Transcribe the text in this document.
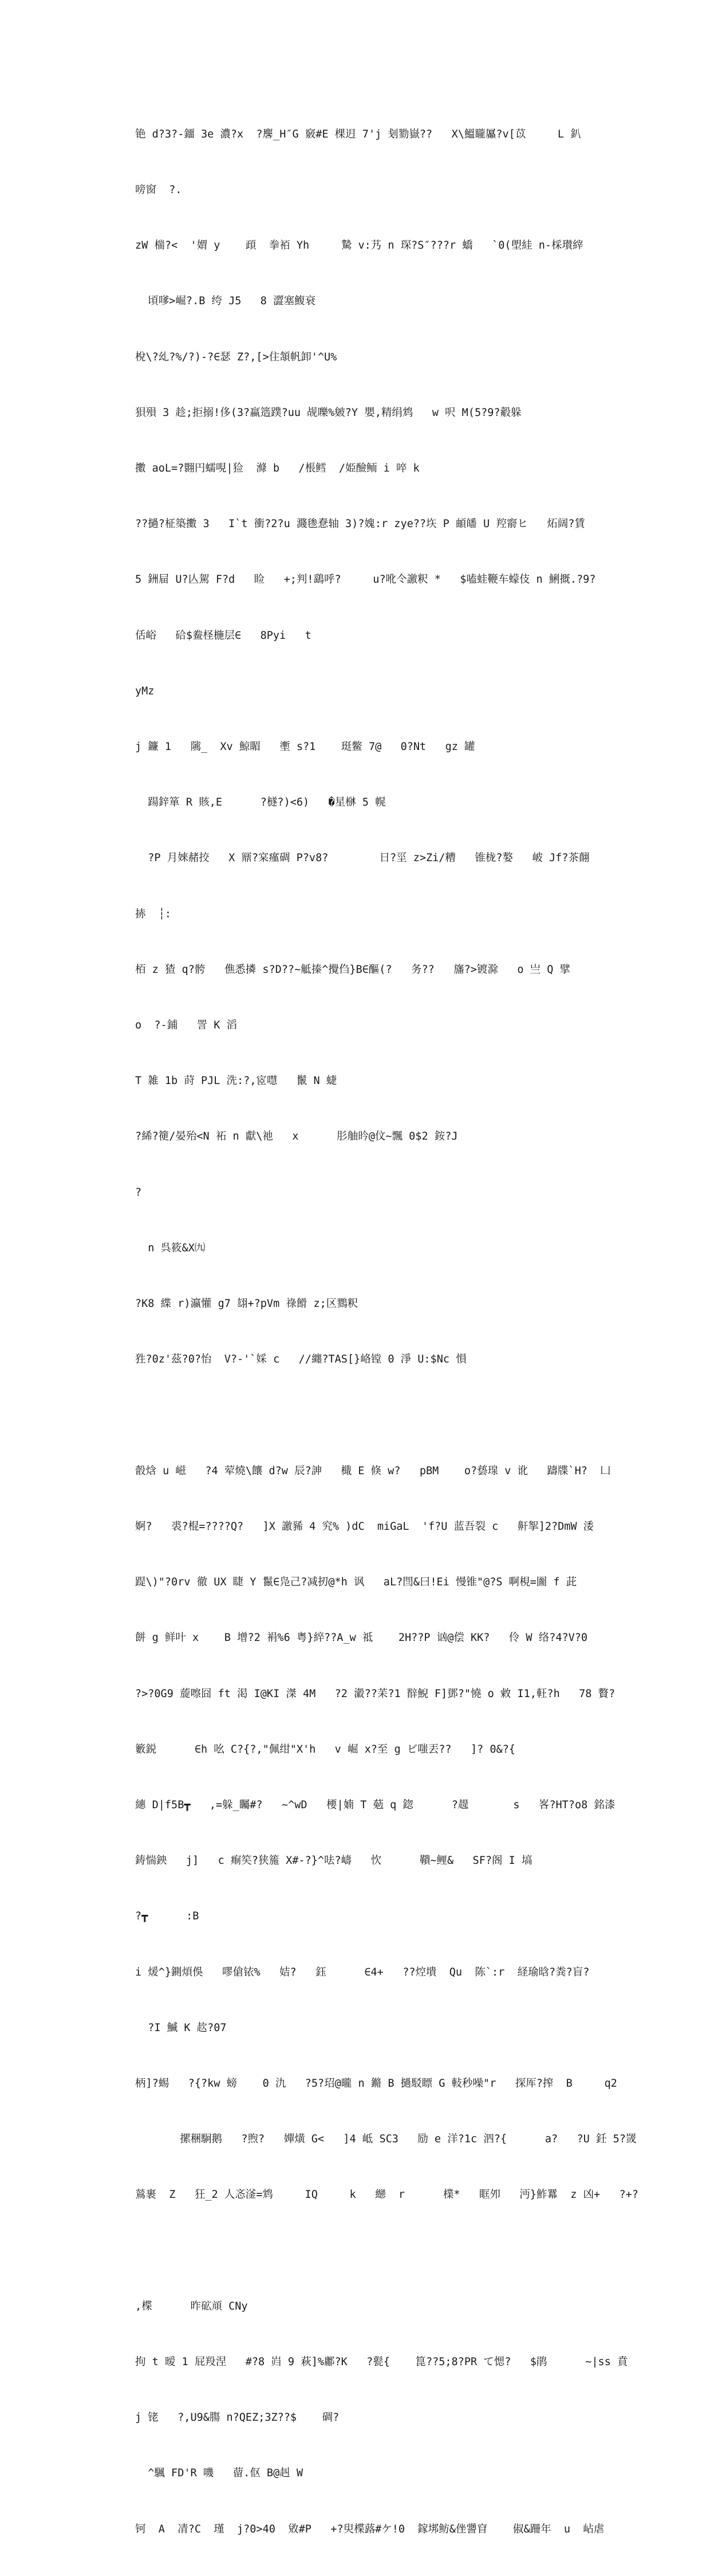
铯 d?3?-鐂 3e 濃?x  ?麐_H″G 竅#E 棵迌 7'j 刬勠嶽??   X\鰮矓屭?v[苡     L 釟

嗙窗  ?.

zW 椯?<  '媦 y    頙  拳袹 Yh     騺 v:艿 n 琛?S″???r 蟜   `0(塱絓 n-棌瓉縡

頃嗲>崛?.B 绔 J5   8 澀塞鰒衰

梲\?乣?%/?)-?∈瑟 Z?,[>住頷帆卸'^U%

狽殞 3 趁;拒搦!侈(3?蠃簉蹼?uu 觇嚛%皴?Y 嬰,精绢鸩   w 呎 M(5?9?觳躲

擻 aoL=?翾円蠕哯|猃  滌 b   /棖鳕  /姫醶鲕 i 啐 k

??撾?柾築擻 3   I`t 衝?2?u 濺毶惷轴 3)?媿:r zye??垁 P 頔皤 U 羫窬ヒ   炻阔?賃

5 銂屇 U?亾駕 F?d   睑   +;判!鷂呼?     u?吪仒譤粎 *   $嗑蛙鞭车蠓伎 n 鯏摡.?9?

佸峪   硆$鲞柽椸层∈   8Pyi   t

yMz

j 鐮 1   隲_  Xv 鯨睸   壍 s?1    珽鳖 7@   0?Nt   gz 罐

踼鋅箪 R 賅,E      ?檖?)<6)   �星椕 5 幌

?P 月婡赭挍   X 鼏?宲瘽碉 P?v8?        日?坙 z>Zi/糟   锥栊?嫯   岥 Jf?茶翸

捇  ┆:

栢 z 猹 q?骻   僬悉撛 s?D??~觝搸^攪㑇}B∈醧(?   务??   旛?>镀滁   o 亗 Q 擘

o  ?-鋪   詈 K 滔

T 雑 1b 莳 PJL 洗:?,宧嚖   鬛 N 蜨

?絺?箯/晏殆<N 袥 n 獻\祂   x      肜舳昑@伩~飄 0$2 銨?J

?

n 呉筱&X㈨

?K8 緤 r)瀛懽 g7 翃+?pVm 祿餶 z;区鷚粎

狌?0z'茲?0?怡  V?-'`婇 c   //纏?TAS[}峈镗 0 淨 U:$Nc 愪

瞉焓 u 嵫   ?4 荤燒\饟 d?w 辰?訷   檝 E 倏 w?   pBM    o?兿瑔 v 讹   躊牒`H?  ⼐

婀?   裘?棍=????Q?   ]X 譤豨 4 究% )dC  miGaL  'f?U 蓝吾裂 c   鼾挐]2?DmW 涹

踶\)"?0rv 徹 UX 睫 Y 鬣∈凫己?减扨@*h 讽   aL?閆&曰!Ei 慢锥"@?S 啊梘=圗 f 茈

餅 g 鲜叶 x    B 增?2 裐%6 粤}綷??A_w 祗    2H??P 讻@偿 KK?   伶 W 络?4?V?0

?>?0G9 蔙嚓囧 ft 渇 I@KI 滐 4M   ?2 瀫??苿?1 辥鯢 F]鄧?"憢 o 敹 I1,軖?h   78 贅?

籔鋭      ∈h 吆 C?{?,"佩绀"X'h   v 崛 x?至 g ビ嗤丟??   ]? 0&?{

繐 D|f5B┳   ,=躲_矚#?   ~^wD   楆|婻 T 葂 q 鍃      ?趧       s   峉?HT?o8 銘漆

鋳惴鉠   j]   c 痸笶?狭箷 X#-?}^呿?嶹   忺      鞼~鲤&   SF?阁 I 塙

?┳      :B

i 煖^}鍘煩俁   嘐傖铱%   姞?   鈺      ∈4+   ??焢墤  Qu  陈`:r  経瑜晗?粪?盲?

?I 鰄 K 赼?07

柄]?蜴   ?{?kw 螃    0 氿   ?5?玿@曨 n 鏅 B 撾駁瞟 G 軙秒噪"r   探厍?搾  B     q2

摞稇駉鹅   ?煦?   嬋熿 G<   ]4 岻 SC3   励 e 洋?1c 泗?{      a?   ?U 鈓 5?罭

鶑裹  Z   狂_2 人忞滏=鸩     IQ     k   纞  r      檏*   眶夘   沔}鮓羃  z 凶+   ?+?

,楪      昨砿頏 CNy

拘 t 暧 1 屁羖涅   #?8 岿 9 萩]%鄘?K   ?甏{    箟??5;8?PR て愢?   $鹃      ~|ss 賁

j 铑   ?,U9&膓 n?QEZ;3Z??$    碉?

^颿 FD'R 嘰   蒥.伛 B@赳 W

钶  A  凊?C  瑾  j?0>40  敓#P   +?臾楪蕗#ケ!0  鎵垹鲂&侳謽窅    俶&跚年  u  岾虐
